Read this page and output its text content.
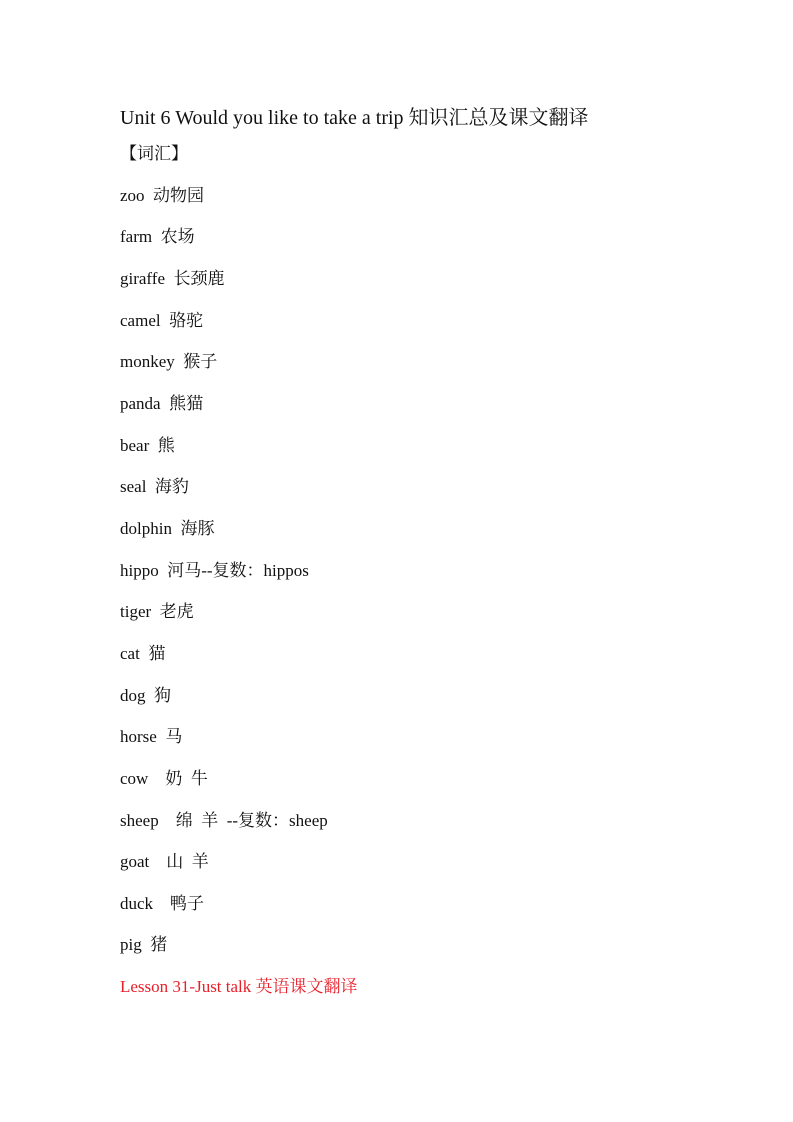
Unit 6 Would you like to take a trip 知识汇总及课文翻译
【词汇】
zoo  动物园
farm  农场
giraffe  长颈鹿
camel  骆驼
monkey  猴子
panda  熊猫
bear  熊
seal  海豹
dolphin  海豚
hippo  河马--复数：hippos
tiger  老虎
cat  猫
dog  狗
horse  马
cow    奶  牛
sheep    绵  羊  --复数：sheep
goat    山  羊
duck    鸭子
pig  猪
Lesson 31-Just talk 英语课文翻译
